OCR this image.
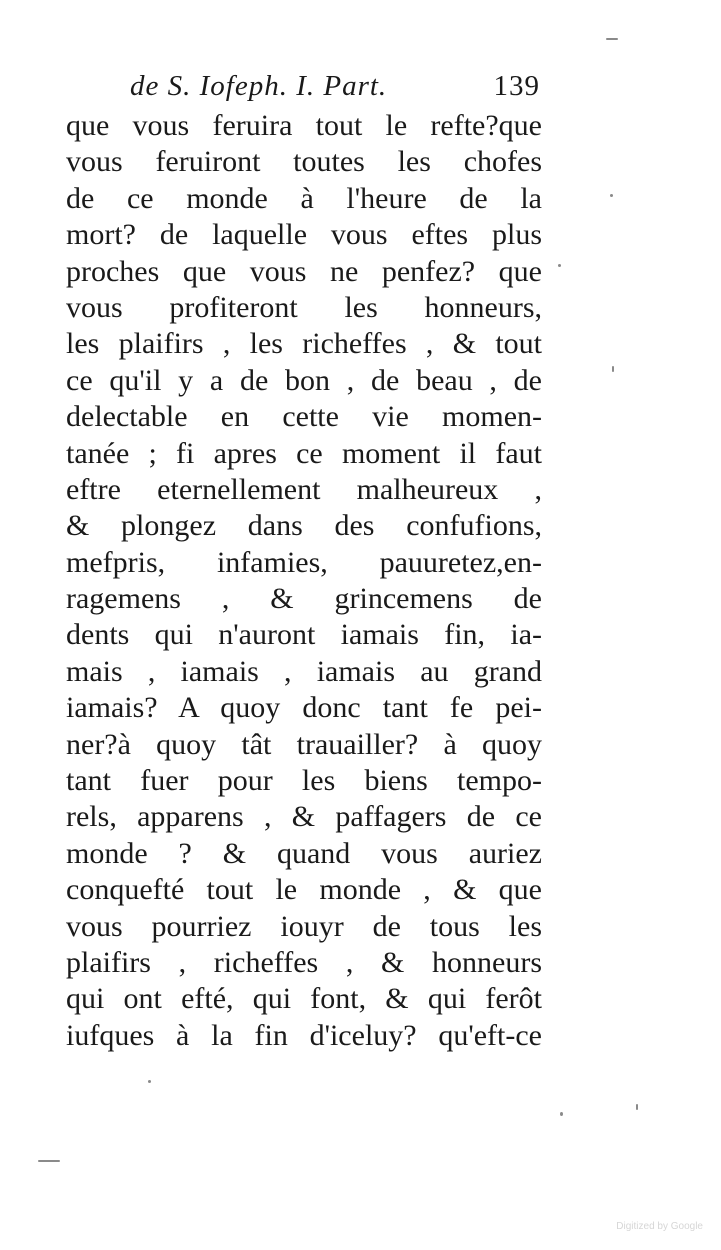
de S. Iofeph. I. Part.	139
que vous feruira tout le refte?que
vous feruiront toutes les chofes
de ce monde à l'heure de la
mort? de laquelle vous eftes plus
proches que vous ne penfez? que
vous profiteront les honneurs,
les plaifirs , les richeffes , & tout
ce qu'il y a de bon , de beau , de
delectable en cette vie momen-
tanée ; fi apres ce moment il faut
eftre eternellement malheureux ,
& plongez dans des confufions,
mefpris, infamies, pauuretez,en-
ragemens , & grincemens de
dents qui n'auront iamais fin, ia-
mais , iamais , iamais au grand
iamais? A quoy donc tant fe pei-
ner?à quoy tât trauailler? à quoy
tant fuer pour les biens tempo-
rels, apparens , & paffagers de ce
monde ? & quand vous auriez
conquefté tout le monde , & que
vous pourriez iouyr de tous les
plaifirs , richeffes , & honneurs
qui ont efté, qui font, & qui ferôt
iufques à la fin d'iceluy? qu'eft-ce
Digitized by Google
